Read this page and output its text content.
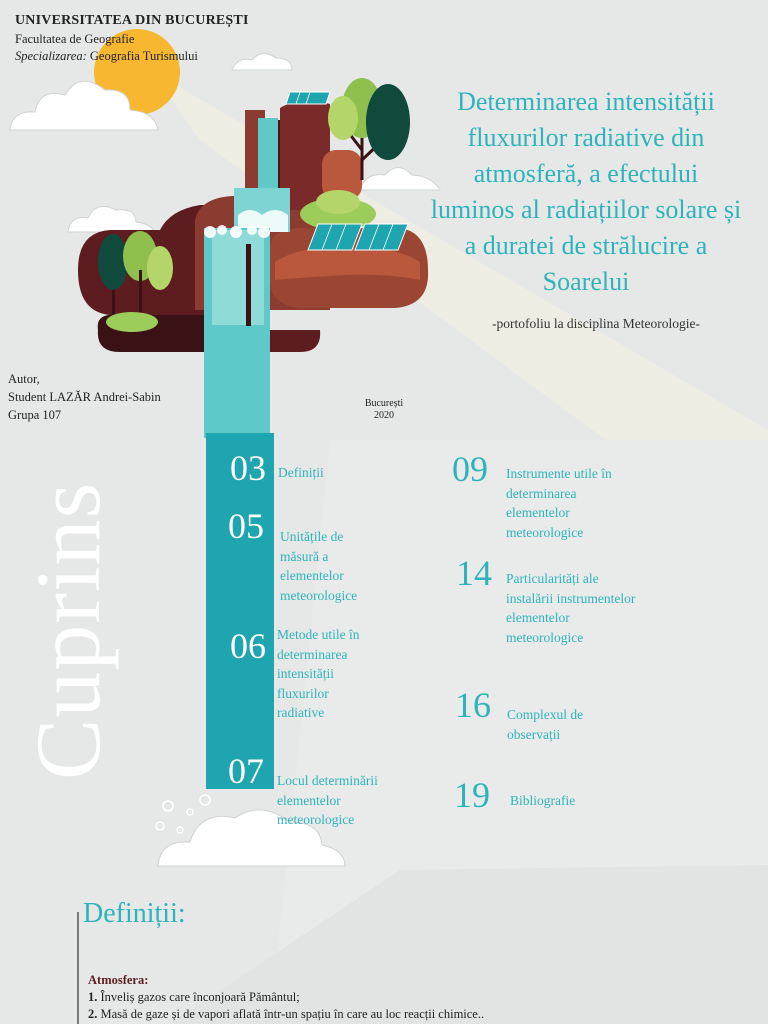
UNIVERSITATEA DIN BUCUREȘTI
Facultatea de Geografie
Specializarea: Geografia Turismului
Determinarea intensității fluxurilor radiative din atmosferă, a efectului luminos al radiațiilor solare și a duratei de strălucire a Soarelui
-portofoliu la disciplina Meteorologie-
Autor,
Student LAZĂR Andrei-Sabin
Grupa 107
București
2020
Cuprins
03 Definiții
05 Unitățile de măsură a elementelor meteorologice
06 Metode utile în determinarea intensității fluxurilor radiative
07 Locul determinării elementelor meteorologice
09 Instrumente utile în determinarea elementelor meteorologice
14 Particularități ale instalării instrumentelor elementelor meteorologice
16 Complexul de observații
19 Bibliografie
Definiții:
Atmosfera:
1. Înveliș gazos care înconjoară Pământul;
2. Masă de gaze și de vapori aflată într-un spațiu în care au loc reacții chimice..
